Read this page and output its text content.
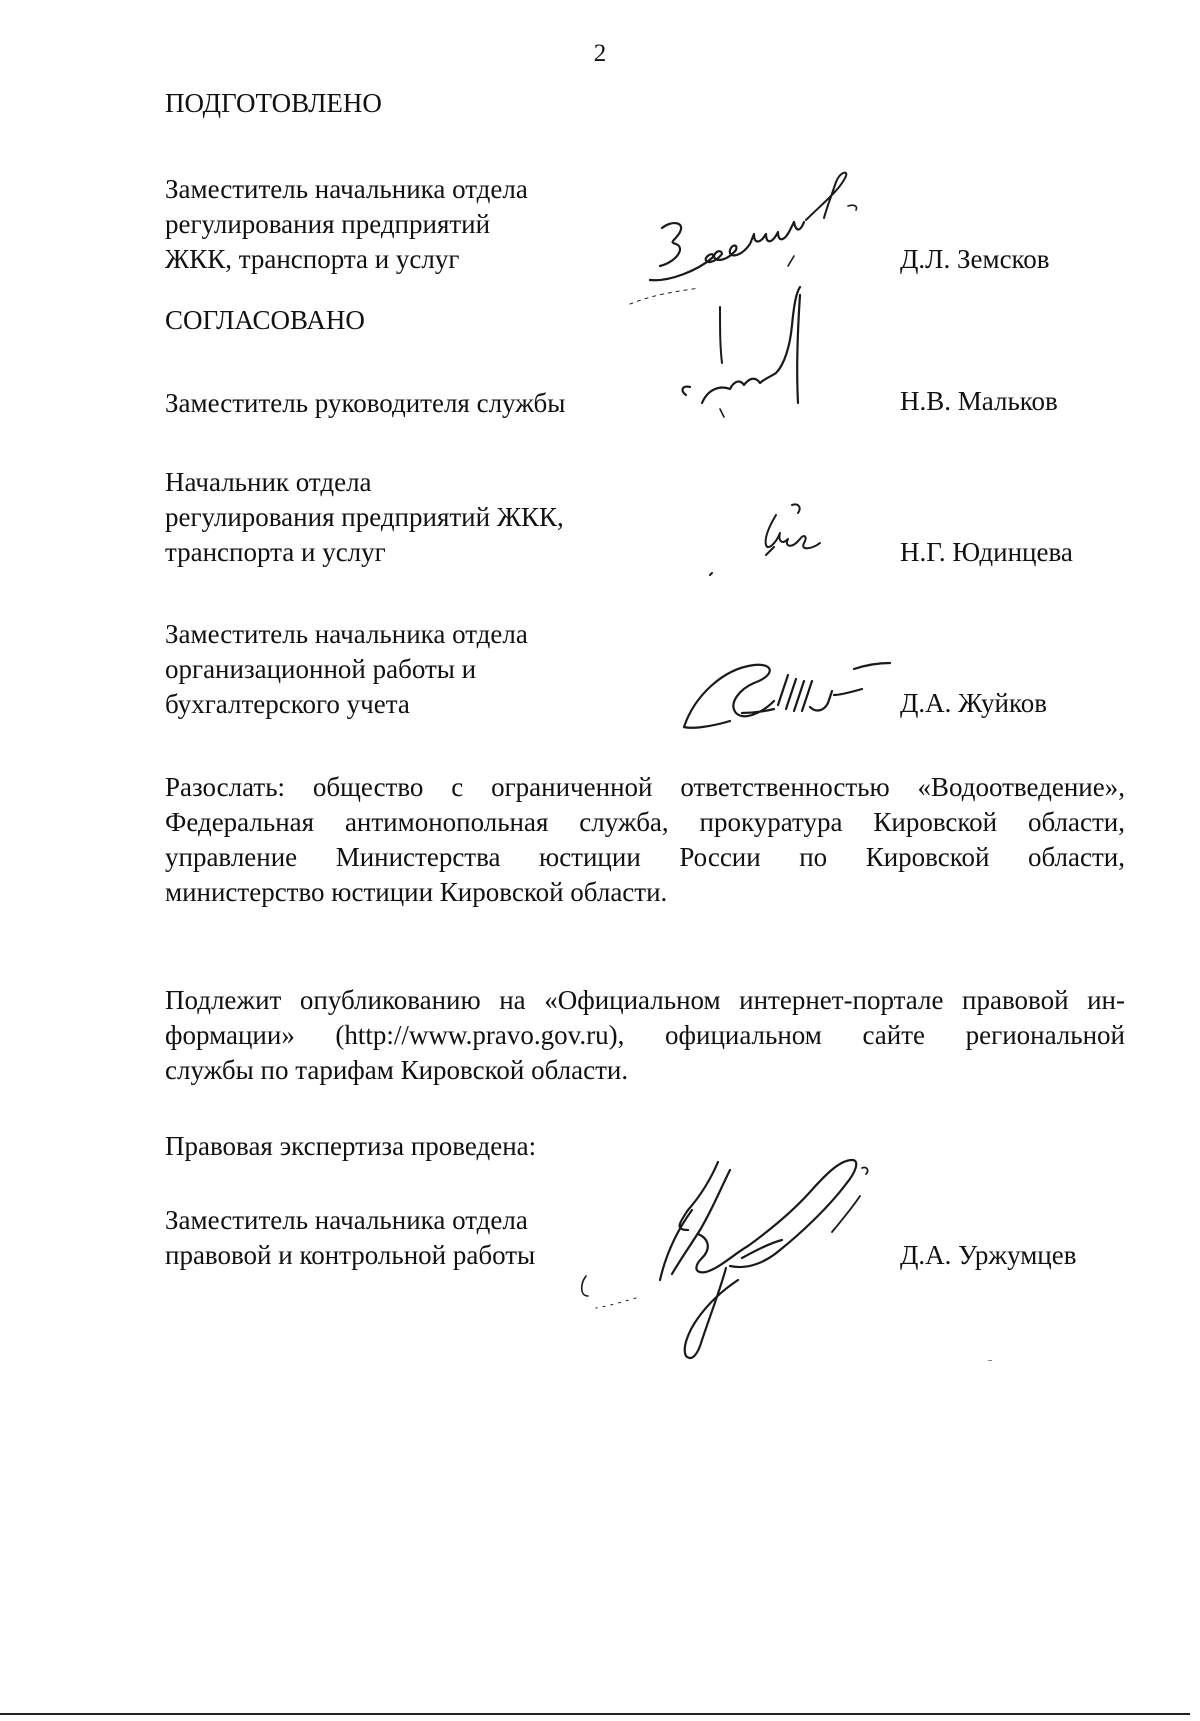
2
ПОДГОТОВЛЕНО
Заместитель начальника отдела
регулирования предприятий
ЖКК, транспорта и услуг	Д.Л. Земсков
СОГЛАСОВАНО
Заместитель руководителя службы	Н.В. Мальков
Начальник отдела
регулирования предприятий ЖКК,
транспорта и услуг	Н.Г. Юдинцева
Заместитель начальника отдела
организационной работы и
бухгалтерского учета	Д.А. Жуйков
Разослать: общество с ограниченной ответственностью «Водоотведение»,
Федеральная антимонопольная служба, прокуратура Кировской области,
управление Министерства юстиции России по Кировской области,
министерство юстиции Кировской области.
Подлежит опубликованию на «Официальном интернет-портале правовой ин-
формации» (http://www.pravo.gov.ru), официальном сайте региональной
службы по тарифам Кировской области.
Правовая экспертиза проведена:
Заместитель начальника отдела
правовой и контрольной работы	Д.А. Уржумцев
